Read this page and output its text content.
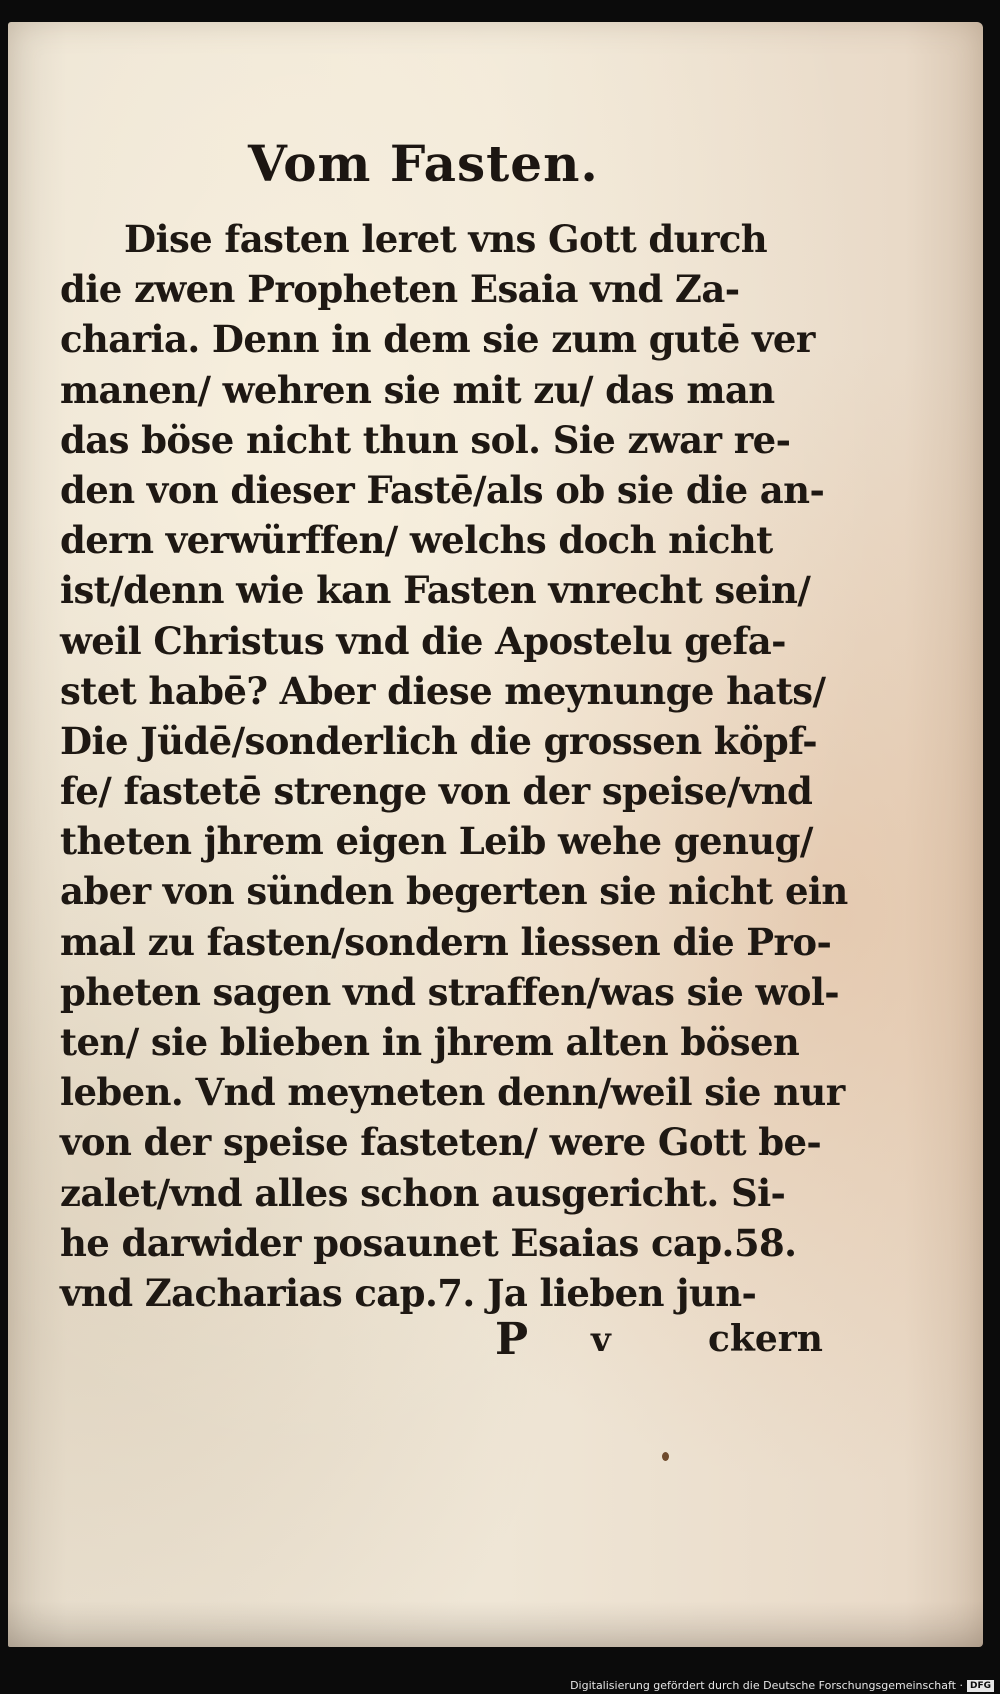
Vom Fasten.
Dise fasten leret vns Gott durch
die zwen Propheten Esaia vnd Za-
charia. Denn in dem sie zum gutē ver
manen/ wehren sie mit zu/ das man
das böse nicht thun sol. Sie zwar re-
den von dieser Fastē/als ob sie die an-
dern verwürffen/ welchs doch nicht
ist/denn wie kan Fasten vnrecht sein/
weil Christus vnd die Apostelu gefa-
stet habē? Aber diese meynunge hats/
Die Jüdē/sonderlich die grossen köpf-
fe/ fastetē strenge von der speise/vnd
theten jhrem eigen Leib wehe genug/
aber von sünden begerten sie nicht ein
mal zu fasten/sondern liessen die Pro-
pheten sagen vnd straffen/was sie wol-
ten/ sie blieben in jhrem alten bösen
leben. Vnd meyneten denn/weil sie nur
von der speise fasteten/ were Gott be-
zalet/vnd alles schon ausgericht. Si-
he darwider posaunet Esaias cap.58.
vnd Zacharias cap.7. Ja lieben jun-
P v	ckern
Digitalisierung gefördert durch die Deutsche Forschungsgemeinschaft · DFG
